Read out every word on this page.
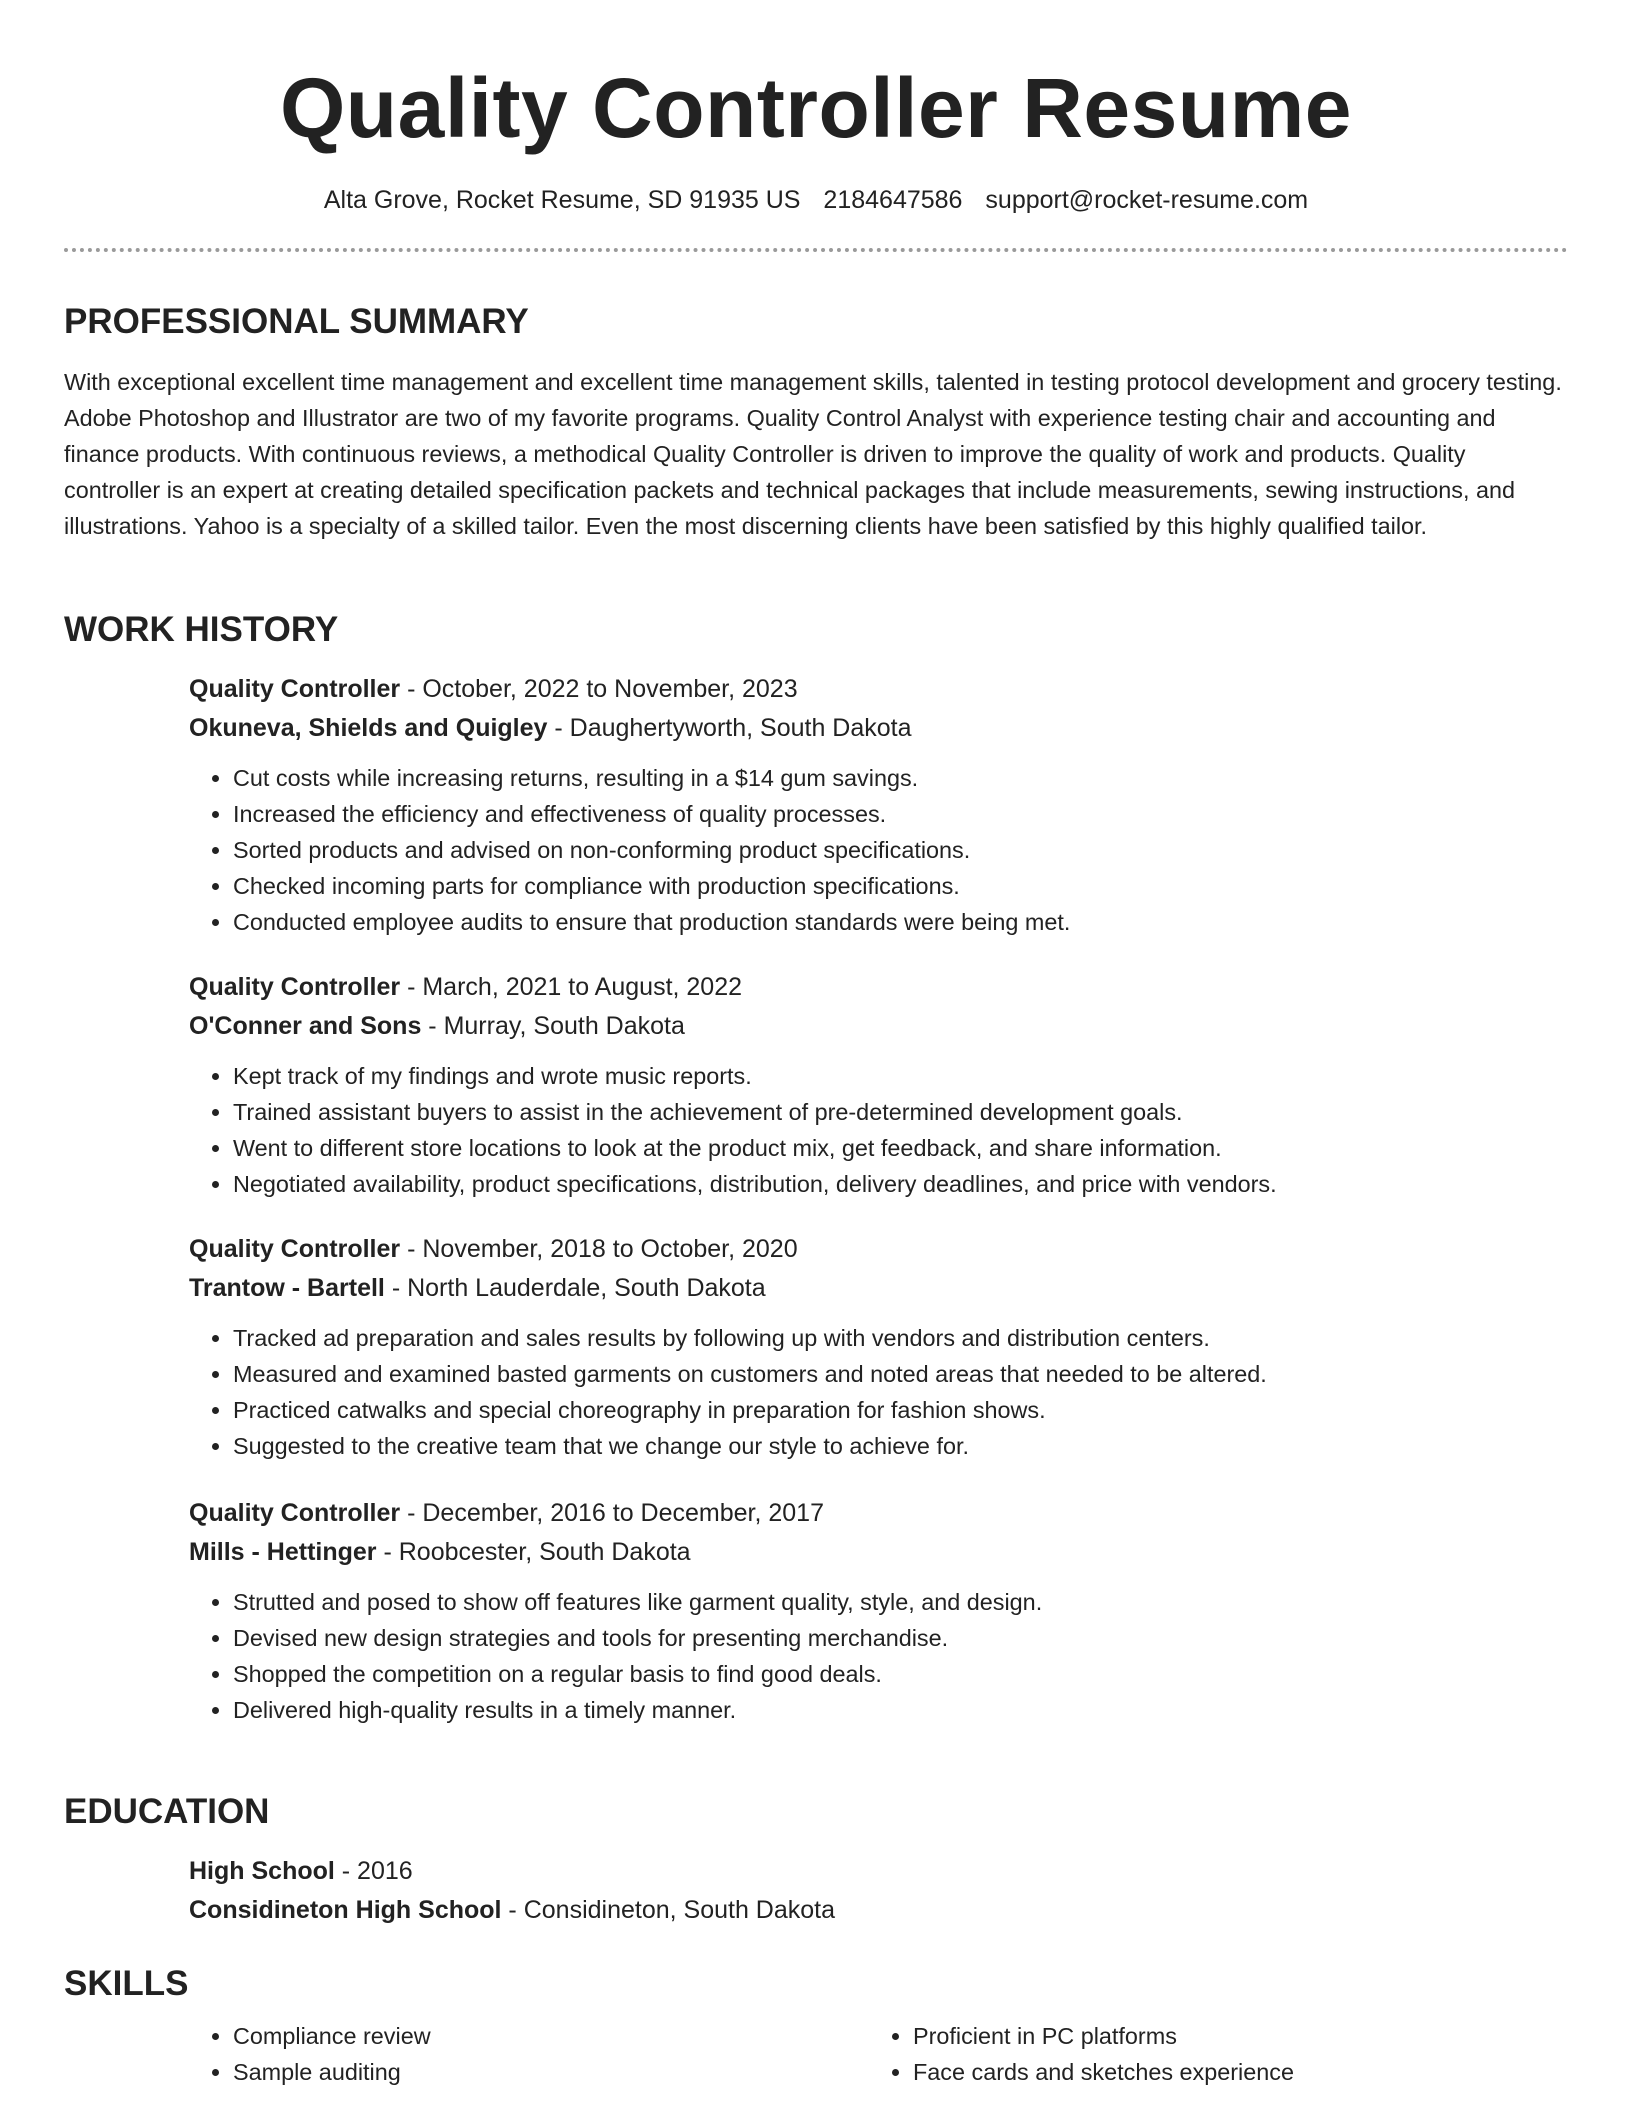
Quality Controller Resume
Alta Grove, Rocket Resume, SD 91935 US 2184647586 support@rocket-resume.com
PROFESSIONAL SUMMARY

With exceptional excellent time management and excellent time management skills, talented in testing protocol development and grocery testing. Adobe Photoshop and Illustrator are two of my favorite programs. Quality Control Analyst with experience testing chair and accounting and finance products. With continuous reviews, a methodical Quality Controller is driven to improve the quality of work and products. Quality controller is an expert at creating detailed specification packets and technical packages that include measurements, sewing instructions, and illustrations. Yahoo is a specialty of a skilled tailor. Even the most discerning clients have been satisfied by this highly qualified tailor.

WORK HISTORY

Quality Controller - October, 2022 to November, 2023

Okuneva, Shields and Quigley - Daughertyworth, South Dakota

• Cut costs while increasing returns, resulting in a $14 gum savings.
• Increased the efficiency and effectiveness of quality processes.
• Sorted products and advised on non-conforming product specifications.
• Checked incoming parts for compliance with production specifications.
• Conducted employee audits to ensure that production standards were being met.

Quality Controller - March, 2021 to August, 2022

O'Conner and Sons - Murray, South Dakota

• Kept track of my findings and wrote music reports.
• Trained assistant buyers to assist in the achievement of pre-determined development goals.
• Went to different store locations to look at the product mix, get feedback, and share information.
• Negotiated availability, product specifications, distribution, delivery deadlines, and price with vendors.

Quality Controller - November, 2018 to October, 2020

Trantow - Bartell - North Lauderdale, South Dakota

• Tracked ad preparation and sales results by following up with vendors and distribution centers.
• Measured and examined basted garments on customers and noted areas that needed to be altered.
• Practiced catwalks and special choreography in preparation for fashion shows.
• Suggested to the creative team that we change our style to achieve for.

Quality Controller - December, 2016 to December, 2017

Mills - Hettinger - Roobcester, South Dakota

• Strutted and posed to show off features like garment quality, style, and design.
• Devised new design strategies and tools for presenting merchandise.
• Shopped the competition on a regular basis to find good deals.
• Delivered high-quality results in a timely manner.
EDUCATION

High School - 2016

Considineton High School - Considineton, South Dakota

SKILLS
• Compliance review
• Sample auditing
• Proficient in PC platforms
• Face cards and sketches experience
